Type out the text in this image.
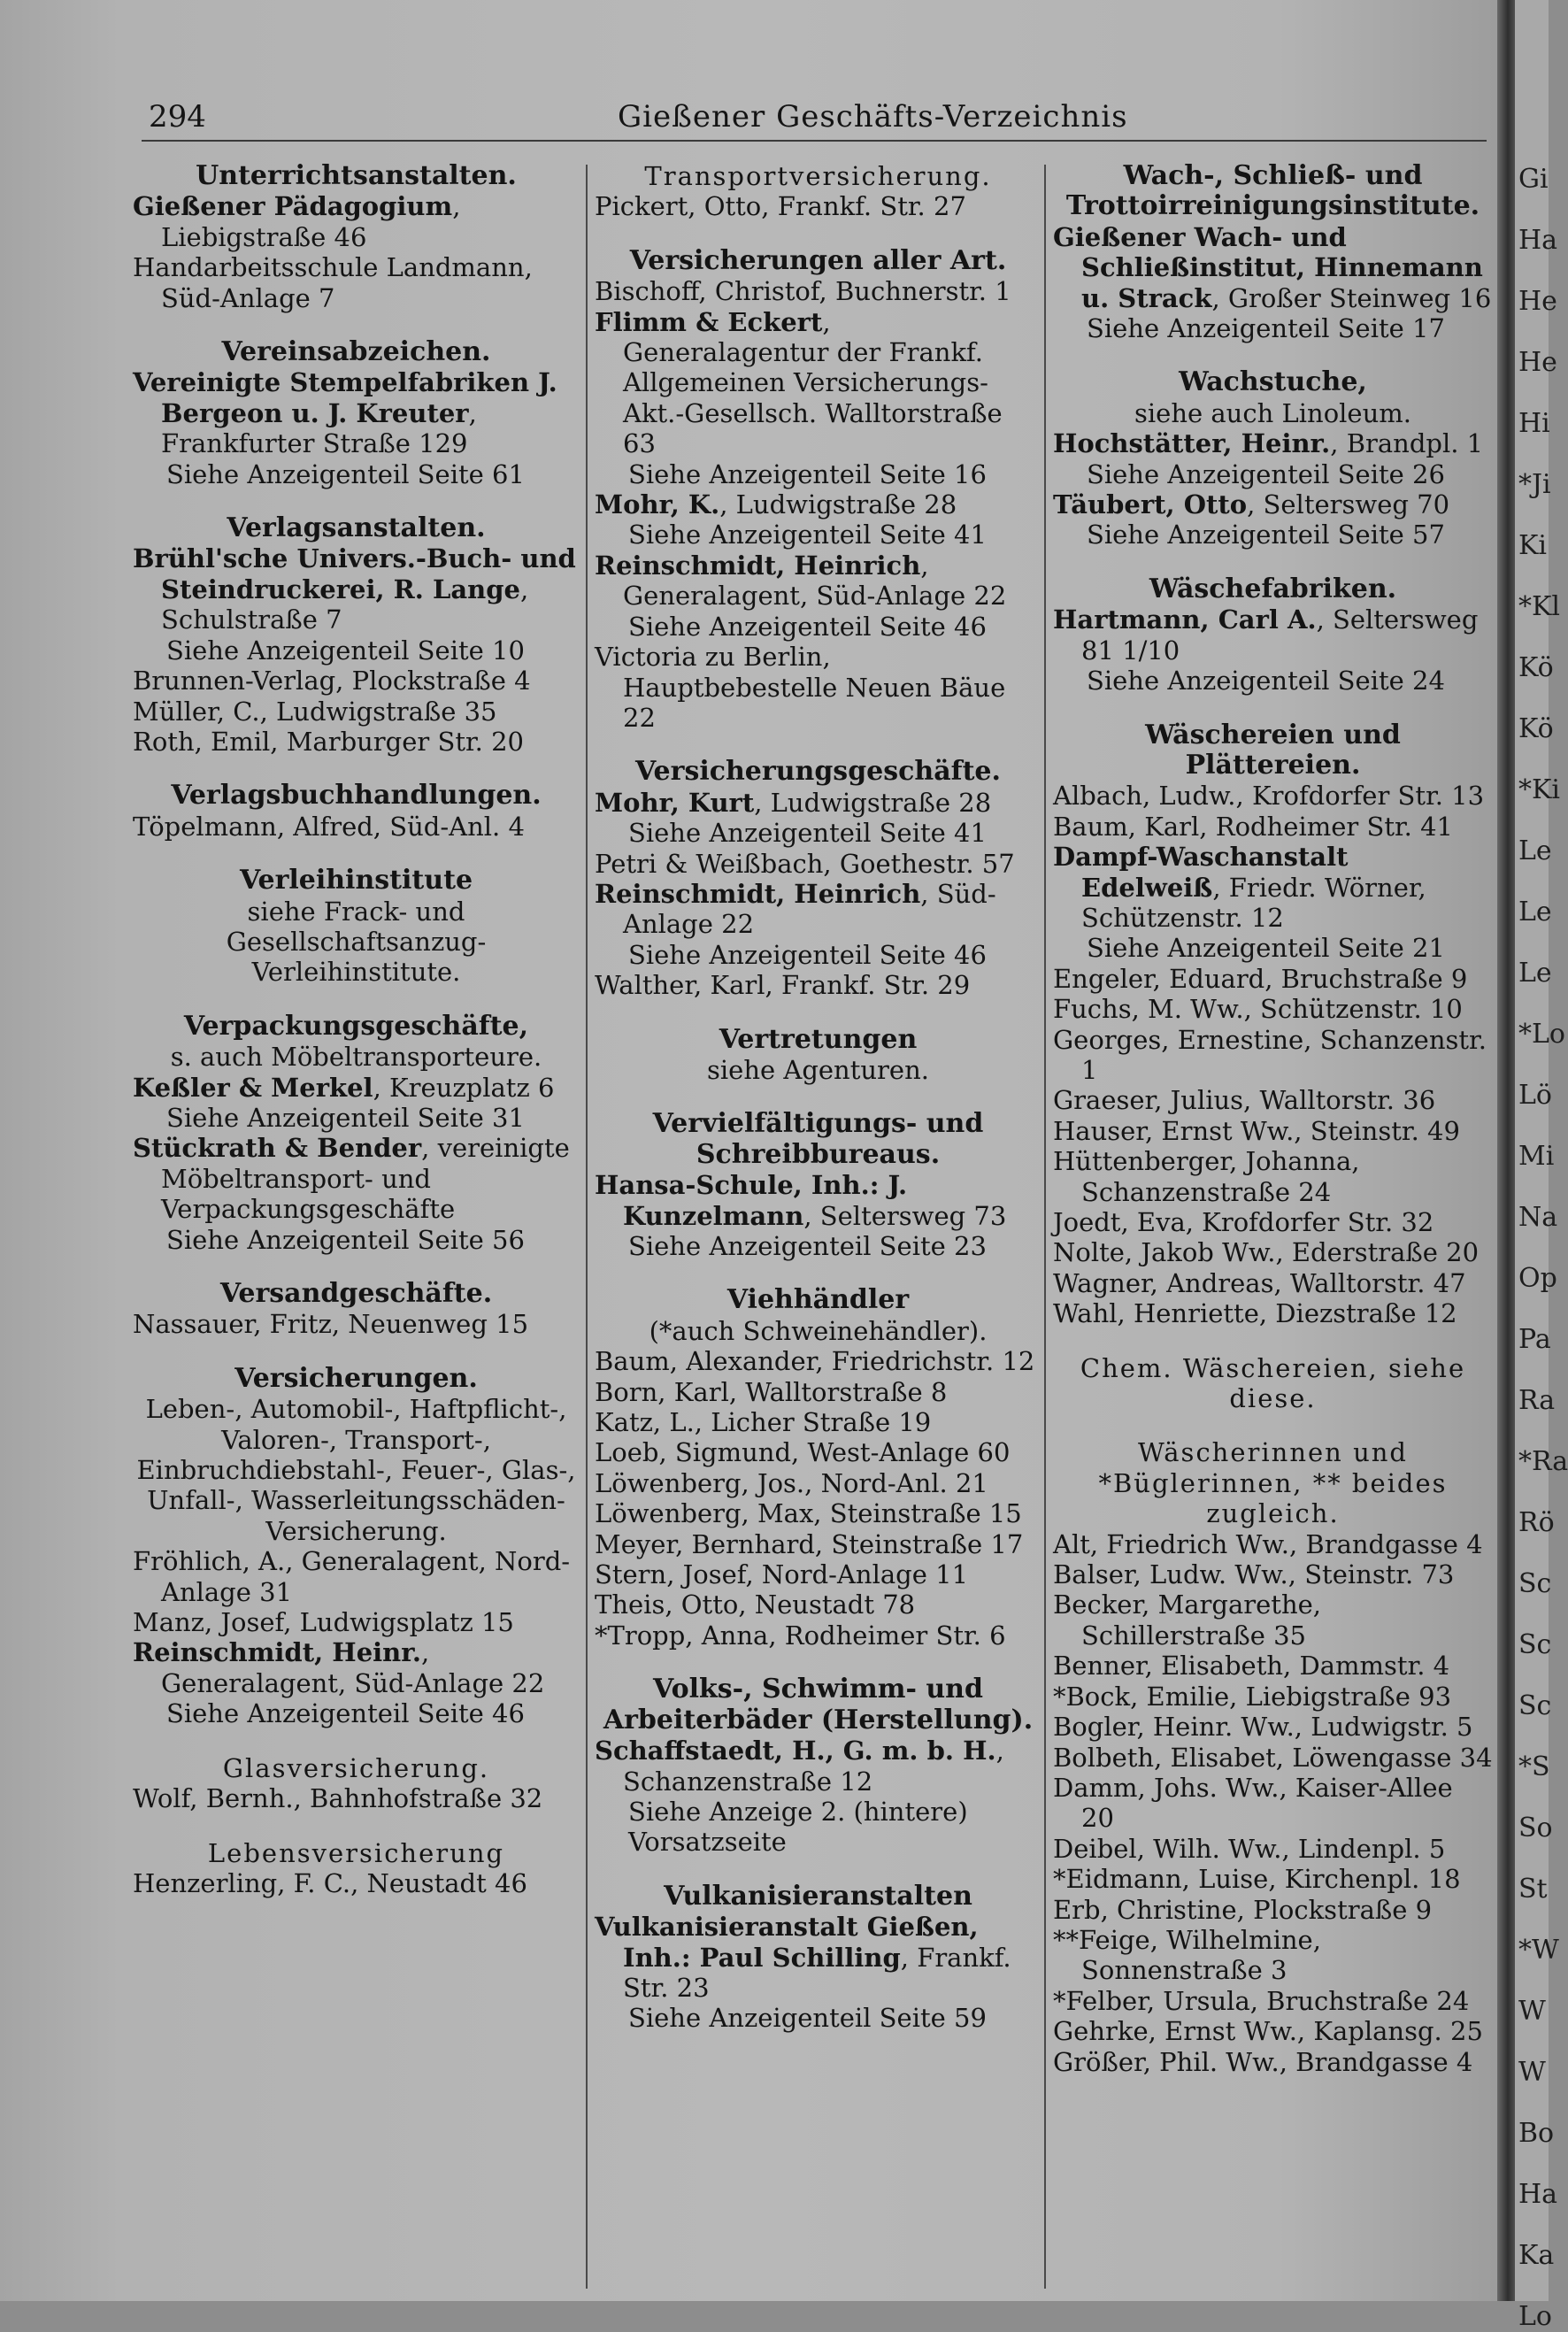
294	Gießener Geschäfts-Verzeichnis
Unterrichtsanstalten.
Gießener Pädagogium, Liebigstraße 46
Handarbeitsschule Landmann, Süd-Anlage 7
Vereinsabzeichen.
Vereinigte Stempelfabriken J. Bergeon u. J. Kreuter, Frankfurter Straße 129
Siehe Anzeigenteil Seite 61
Verlagsanstalten.
Brühl'sche Univers.-Buch- und Steindruckerei, R. Lange, Schulstraße 7
Siehe Anzeigenteil Seite 10
Brunnen-Verlag, Plockstraße 4
Müller, C., Ludwigstraße 35
Roth, Emil, Marburger Str. 20
Verlagsbuchhandlungen.
Töpelmann, Alfred, Süd-Anl. 4
Verleihinstitute
siehe Frack- und Gesellschaftsanzug-Verleihinstitute.
Verpackungsgeschäfte,
s. auch Möbeltransporteure.
Keßler & Merkel, Kreuzplatz 6
Siehe Anzeigenteil Seite 31
Stückrath & Bender, vereinigte Möbeltransport- und Verpackungsgeschäfte
Siehe Anzeigenteil Seite 56
Versandgeschäfte.
Nassauer, Fritz, Neuenweg 15
Versicherungen.
Leben-, Automobil-, Haftpflicht-, Valoren-, Transport-, Einbruchdiebstahl-, Feuer-, Glas-, Unfall-, Wasserleitungsschäden-Versicherung.
Fröhlich, A., Generalagent, Nord-Anlage 31
Manz, Josef, Ludwigsplatz 15
Reinschmidt, Heinr., Generalagent, Süd-Anlage 22
Siehe Anzeigenteil Seite 46
Glasversicherung.
Wolf, Bernh., Bahnhofstraße 32
Lebensversicherung
Henzerling, F. C., Neustadt 46
Transportversicherung.
Pickert, Otto, Frankf. Str. 27
Versicherungen aller Art.
Bischoff, Christof, Buchnerstr. 1
Flimm & Eckert, Generalagentur der Frankf. Allgemeinen Versicherungs-Akt.-Gesellsch. Walltorstraße 63
Siehe Anzeigenteil Seite 16
Mohr, K., Ludwigstraße 28
Siehe Anzeigenteil Seite 41
Reinschmidt, Heinrich, Generalagent, Süd-Anlage 22
Siehe Anzeigenteil Seite 46
Victoria zu Berlin, Hauptbebestelle Neuen Bäue 22
Versicherungsgeschäfte.
Mohr, Kurt, Ludwigstraße 28
Siehe Anzeigenteil Seite 41
Petri & Weißbach, Goethestr. 57
Reinschmidt, Heinrich, Süd-Anlage 22
Siehe Anzeigenteil Seite 46
Walther, Karl, Frankf. Str. 29
Vertretungen
siehe Agenturen.
Vervielfältigungs- und Schreibbureaus.
Hansa-Schule, Inh.: J. Kunzelmann, Seltersweg 73
Siehe Anzeigenteil Seite 23
Viehhändler
(*auch Schweinehändler).
Baum, Alexander, Friedrichstr. 12
Born, Karl, Walltorstraße 8
Katz, L., Licher Straße 19
Loeb, Sigmund, West-Anlage 60
Löwenberg, Jos., Nord-Anl. 21
Löwenberg, Max, Steinstraße 15
Meyer, Bernhard, Steinstraße 17
Stern, Josef, Nord-Anlage 11
Theis, Otto, Neustadt 78
*Tropp, Anna, Rodheimer Str. 6
Volks-, Schwimm- und Arbeiterbäder (Herstellung).
Schaffstaedt, H., G. m. b. H., Schanzenstraße 12
Siehe Anzeige 2. (hintere) Vorsatzseite
Vulkanisieranstalten
Vulkanisieranstalt Gießen, Inh.: Paul Schilling, Frankf. Str. 23
Siehe Anzeigenteil Seite 59
Wach-, Schließ- und Trottoirreinigungsinstitute.
Gießener Wach- und Schließinstitut, Hinnemann u. Strack, Großer Steinweg 16
Siehe Anzeigenteil Seite 17
Wachstuche,
siehe auch Linoleum.
Hochstätter, Heinr., Brandpl. 1
Siehe Anzeigenteil Seite 26
Täubert, Otto, Seltersweg 70
Siehe Anzeigenteil Seite 57
Wäschefabriken.
Hartmann, Carl A., Seltersweg 81 1/10
Siehe Anzeigenteil Seite 24
Wäschereien und Plättereien.
Albach, Ludw., Krofdorfer Str. 13
Baum, Karl, Rodheimer Str. 41
Dampf-Waschanstalt Edelweiß, Friedr. Wörner, Schützenstr. 12
Siehe Anzeigenteil Seite 21
Engeler, Eduard, Bruchstraße 9
Fuchs, M. Ww., Schützenstr. 10
Georges, Ernestine, Schanzenstr. 1
Graeser, Julius, Walltorstr. 36
Hauser, Ernst Ww., Steinstr. 49
Hüttenberger, Johanna, Schanzenstraße 24
Joedt, Eva, Krofdorfer Str. 32
Nolte, Jakob Ww., Ederstraße 20
Wagner, Andreas, Walltorstr. 47
Wahl, Henriette, Diezstraße 12
Chem. Wäschereien, siehe diese.
Wäscherinnen und *Büglerinnen, ** beides zugleich.
Alt, Friedrich Ww., Brandgasse 4
Balser, Ludw. Ww., Steinstr. 73
Becker, Margarethe, Schillerstraße 35
Benner, Elisabeth, Dammstr. 4
*Bock, Emilie, Liebigstraße 93
Bogler, Heinr. Ww., Ludwigstr. 5
Bolbeth, Elisabet, Löwengasse 34
Damm, Johs. Ww., Kaiser-Allee 20
Deibel, Wilh. Ww., Lindenpl. 5
*Eidmann, Luise, Kirchenpl. 18
Erb, Christine, Plockstraße 9
**Feige, Wilhelmine, Sonnenstraße 3
*Felber, Ursula, Bruchstraße 24
Gehrke, Ernst Ww., Kaplansg. 25
Größer, Phil. Ww., Brandgasse 4
Gi
Ha
He
He
Hi
*Ji
Ki
*Kl
Kö
Kö
*Ki
Le
Le
Le
*Lo
Lö
Mi
Na
Op
Pa
Ra
*Ra
Rö
Sc
Sc
Sc
*S
So
St
*W
W
W
Bo
Ha
Ka
Lo
